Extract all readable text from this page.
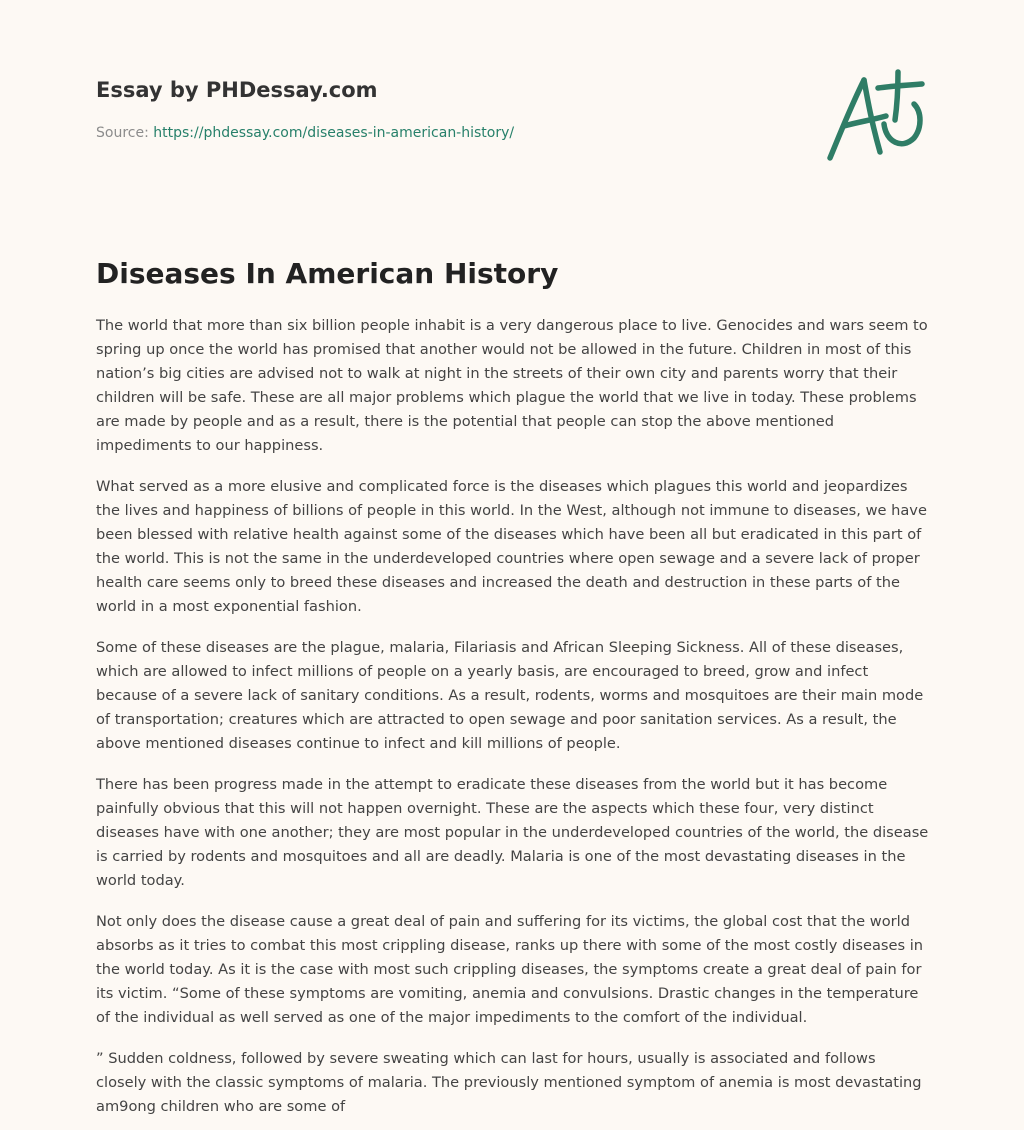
Essay by PHDessay.com

Source: https://phdessay.com/diseases-in-american-history/
Diseases In American History

The world that more than six billion people inhabit is a very dangerous place to live. Genocides and wars seem to spring up once the world has promised that another would not be allowed in the future. Children in most of this nation’s big cities are advised not to walk at night in the streets of their own city and parents worry that their children will be safe. These are all major problems which plague the world that we live in today. These problems are made by people and as a result, there is the potential that people can stop the above mentioned impediments to our happiness.

What served as a more elusive and complicated force is the diseases which plagues this world and jeopardizes the lives and happiness of billions of people in this world. In the West, although not immune to diseases, we have been blessed with relative health against some of the diseases which have been all but eradicated in this part of the world. This is not the same in the underdeveloped countries where open sewage and a severe lack of proper health care seems only to breed these diseases and increased the death and destruction in these parts of the world in a most exponential fashion.

Some of these diseases are the plague, malaria, Filariasis and African Sleeping Sickness. All of these diseases, which are allowed to infect millions of people on a yearly basis, are encouraged to breed, grow and infect because of a severe lack of sanitary conditions. As a result, rodents, worms and mosquitoes are their main mode of transportation; creatures which are attracted to open sewage and poor sanitation services. As a result, the above mentioned diseases continue to infect and kill millions of people.

There has been progress made in the attempt to eradicate these diseases from the world but it has become painfully obvious that this will not happen overnight. These are the aspects which these four, very distinct diseases have with one another; they are most popular in the underdeveloped countries of the world, the disease is carried by rodents and mosquitoes and all are deadly. Malaria is one of the most devastating diseases in the world today.

Not only does the disease cause a great deal of pain and suffering for its victims, the global cost that the world absorbs as it tries to combat this most crippling disease, ranks up there with some of the most costly diseases in the world today. As it is the case with most such crippling diseases, the symptoms create a great deal of pain for its victim. “Some of these symptoms are vomiting, anemia and convulsions. Drastic changes in the temperature of the individual as well served as one of the major impediments to the comfort of the individual.

” Sudden coldness, followed by severe sweating which can last for hours, usually is associated and follows closely with the classic symptoms of malaria. The previously mentioned symptom of anemia is most devastating am9ong children who are some of
